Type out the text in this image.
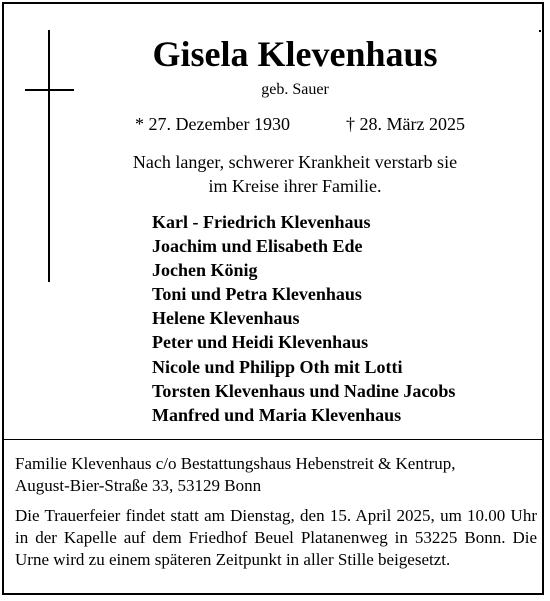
Gisela Klevenhaus
geb. Sauer
* 27. Dezember 1930	† 28. März 2025
Nach langer, schwerer Krankheit verstarb sie
im Kreise ihrer Familie.
Karl - Friedrich Klevenhaus
Joachim und Elisabeth Ede
Jochen König
Toni und Petra Klevenhaus
Helene Klevenhaus
Peter und Heidi Klevenhaus
Nicole und Philipp Oth mit Lotti
Torsten Klevenhaus und Nadine Jacobs
Manfred und Maria Klevenhaus
Familie Klevenhaus c/o Bestattungshaus Hebenstreit & Kentrup,
August-Bier-Straße 33, 53129 Bonn
Die Trauerfeier findet statt am Dienstag, den 15. April 2025, um 10.00 Uhr in der Kapelle auf dem Friedhof Beuel Platanenweg in 53225 Bonn. Die Urne wird zu einem späteren Zeitpunkt in aller Stille beigesetzt.
